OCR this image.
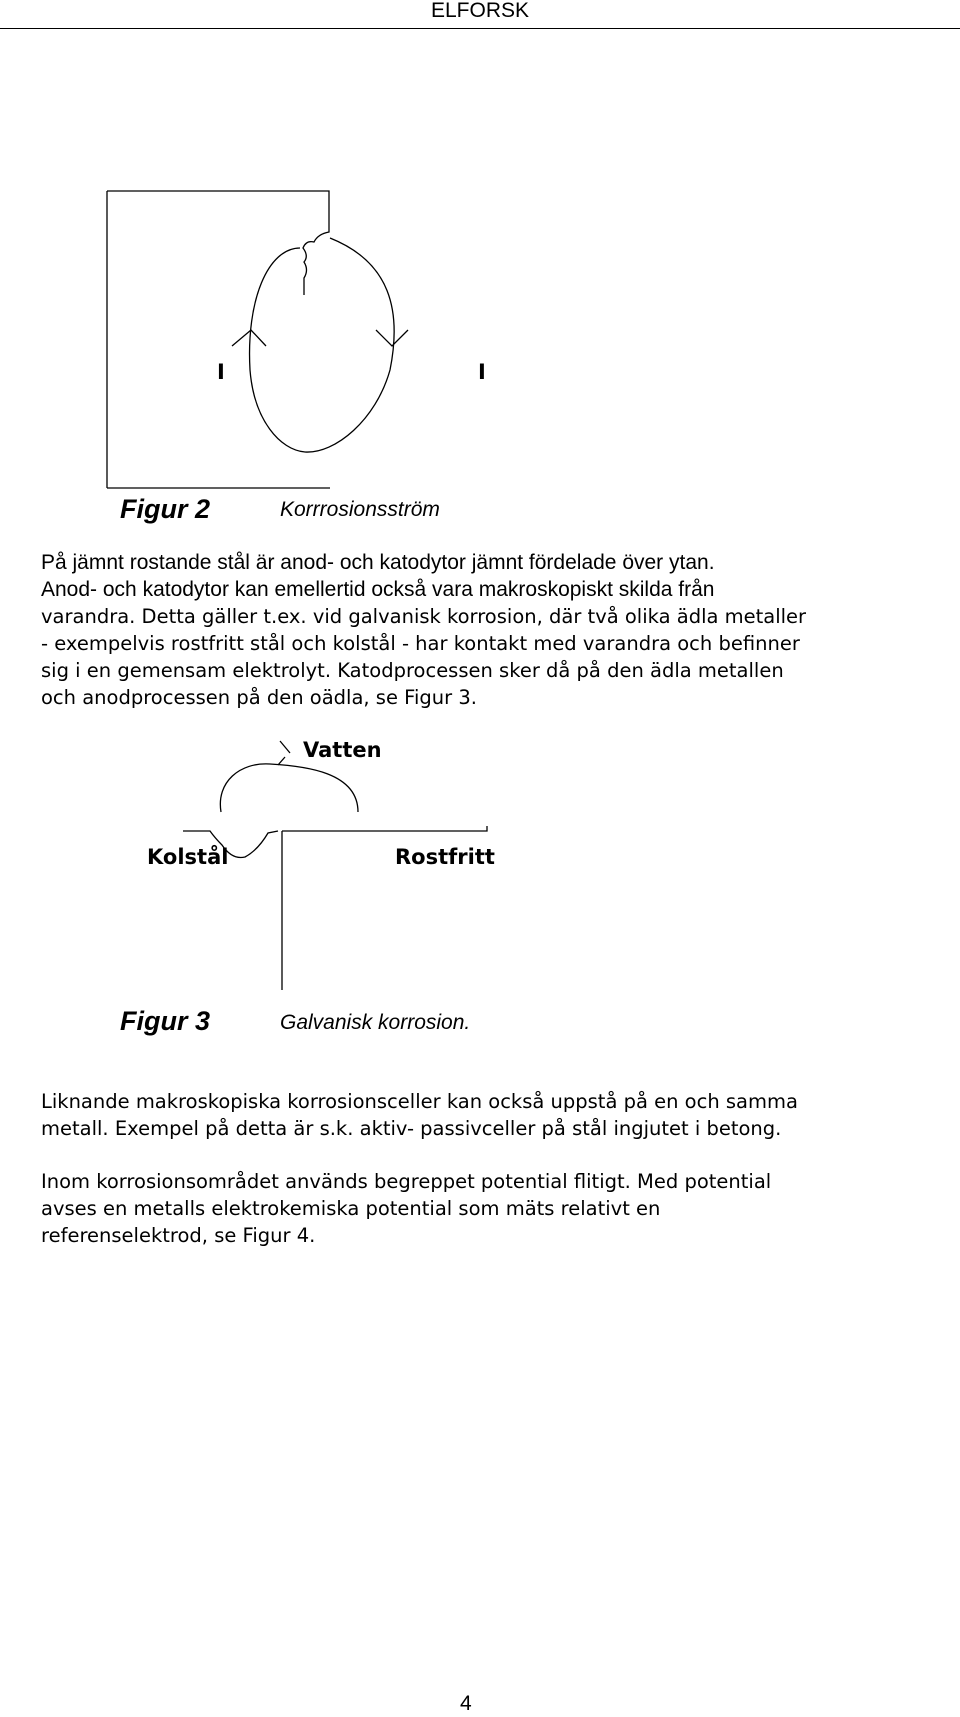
ELFORSK
I	I
Figur 2	Korrrosionsström
På jämnt rostande stål är anod- och katodytor jämnt fördelade över ytan.
Anod- och katodytor kan emellertid också vara makroskopiskt skilda från
varandra. Detta gäller t.ex. vid galvanisk korrosion, där två olika ädla metaller
- exempelvis rostfritt stål och kolstål - har kontakt med varandra och befinner
sig i en gemensam elektrolyt. Katodprocessen sker då på den ädla metallen
och anodprocessen på den oädla, se Figur 3.
Vatten
Kolstål	Rostfritt
Figur 3	Galvanisk korrosion.
Liknande makroskopiska korrosionsceller kan också uppstå på en och samma
metall. Exempel på detta är s.k. aktiv- passivceller på stål ingjutet i betong.
Inom korrosionsområdet används begreppet potential flitigt. Med potential
avses en metalls elektrokemiska potential som mäts relativt en
referenselektrod, se Figur 4.
4
